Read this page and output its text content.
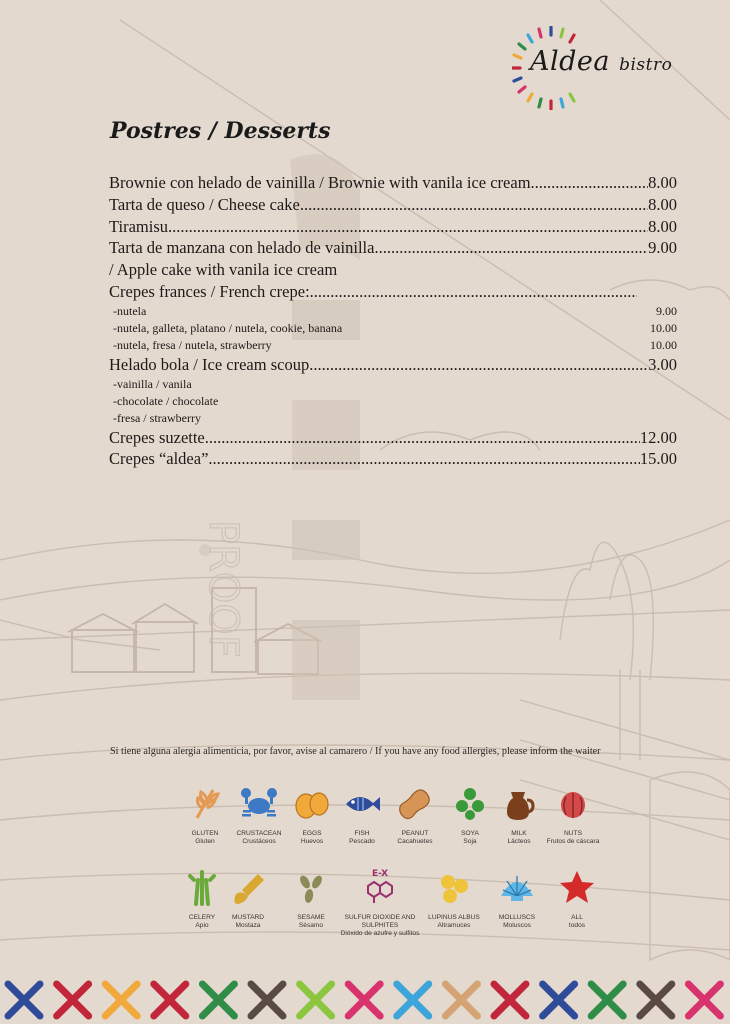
PROOF
Aldea bistro
Postres / Desserts
Brownie con helado de vainilla / Brownie with vanila ice cream .....	8.00
Tarta de queso / Cheese cake .....	8.00
Tiramisu .....	8.00
Tarta de manzana con helado de vainilla .....	9.00
/ Apple cake with vanila ice cream
Crepes frances / French crepe:
.....
-nutela	9.00
-nutela, galleta, platano / nutela, cookie, banana	10.00
-nutela, fresa / nutela, strawberry	10.00
Helado bola / Ice cream scoup .....	3.00
-vainilla / vanila
-chocolate / chocolate
-fresa / strawberry
Crepes suzette .....	12.00
Crepes “aldea” .....	15.00
Si tiene alguna alergia alimenticia, por favor, avise al camarero / If you have any food allergies, please inform the waiter
GLUTEN
Gluten
CRUSTACEAN
Crustáceos
EGGS
Huevos
FISH
Pescado
PEANUT
Cacahuetes
SOYA
Soja
MILK
Lácteos
NUTS
Frutos de cáscara
CELERY
Apio
MUSTARD
Mostaza
SESAME
Sésamo
E-X
SULFUR DIOXIDE AND SULPHITES
Dióxido de azufre y sulfitos
LUPINUS ALBUS
Altramuces
MOLLUSCS
Moluscos
ALL
todos
